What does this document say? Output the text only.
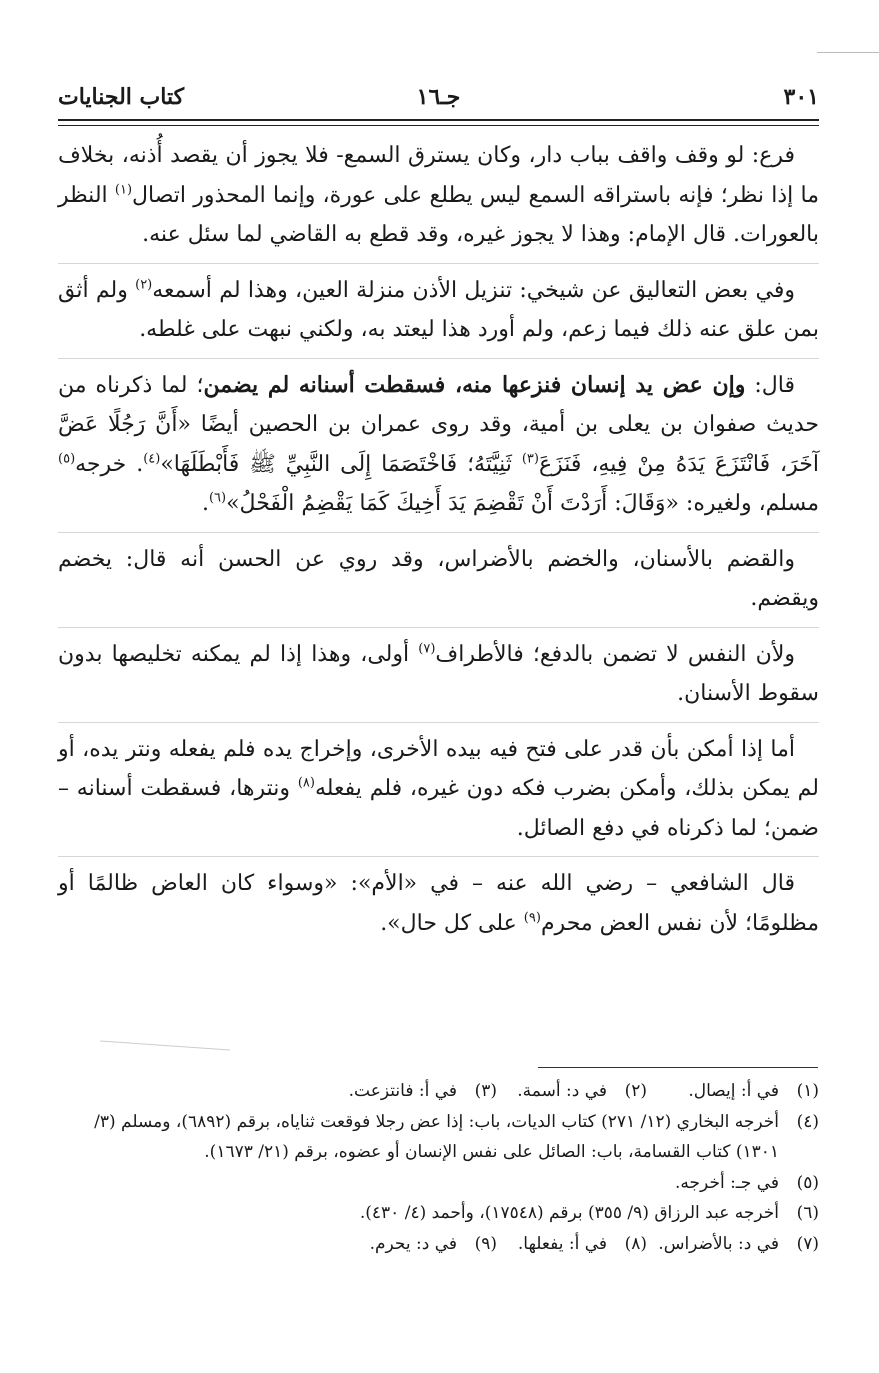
٣٠١
جـ١٦
كتاب الجنايات

فرع: لو وقف واقف بباب دار، وكان يسترق السمع- فلا يجوز أن يقصد أُذنه، بخلاف ما إذا نظر؛ فإنه باستراقه السمع ليس يطلع على عورة، وإنما المحذور اتصال$^{(١)}$ النظر بالعورات. قال الإمام: وهذا لا يجوز غيره، وقد قطع به القاضي لما سئل عنه.

وفي بعض التعاليق عن شيخي: تنزيل الأذن منزلة العين، وهذا لم أسمعه$^{(٢)}$ ولم أثق بمن علق عنه ذلك فيما زعم، ولم أورد هذا ليعتد به، ولكني نبهت على غلطه.

قال: وإن عض يد إنسان فنزعها منه، فسقطت أسنانه لم يضمن؛ لما ذكرناه من حديث صفوان بن يعلى بن أمية، وقد روى عمران بن الحصين أيضًا «أَنَّ رَجُلًا عَضَّ آخَرَ، فَانْتَزَعَ يَدَهُ مِنْ فِيهِ، فَنَزَعَ$^{(٣)}$ ثَنِيَّتَهُ؛ فَاخْتَصَمَا إِلَى النَّبِيِّ ﷺ فَأَبْطَلَهَا»$^{(٤)}$. خرجه$^{(٥)}$ مسلم، ولغيره: «وَقَالَ: أَرَدْتَ أَنْ تَقْضِمَ يَدَ أَخِيكَ كَمَا يَقْضِمُ الْفَحْلُ»$^{(٦)}$.

والقضم بالأسنان، والخضم بالأضراس، وقد روي عن الحسن أنه قال: يخضم ويقضم.

ولأن النفس لا تضمن بالدفع؛ فالأطراف$^{(٧)}$ أولى، وهذا إذا لم يمكنه تخليصها بدون سقوط الأسنان.

أما إذا أمكن بأن قدر على فتح فيه بيده الأخرى، وإخراج يده فلم يفعله ونتر يده، أو لم يمكن بذلك، وأمكن بضرب فكه دون غيره، فلم يفعله$^{(٨)}$ ونترها، فسقطت أسنانه – ضمن؛ لما ذكرناه في دفع الصائل.

قال الشافعي – رضي الله عنه – في «الأم»: «وسواء كان العاض ظالمًا أو مظلومًا؛ لأن نفس العض محرم$^{(٩)}$ على كل حال».

(١)في أ: إيصال.
(٢)في د: أسمة.
(٣)في أ: فانتزعت.
(٤)أخرجه البخاري (١٢/ ٢٧١) كتاب الديات، باب: إذا عض رجلا فوقعت ثناياه، برقم (٦٨٩٢)، ومسلم (٣/ ١٣٠١) كتاب القسامة، باب: الصائل على نفس الإنسان أو عضوه، برقم (٢١/ ١٦٧٣).
(٥)في جـ: أخرجه.
(٦)أخرجه عبد الرزاق (٩/ ٣٥٥) برقم (١٧٥٤٨)، وأحمد (٤/ ٤٣٠).
(٧)في د: بالأضراس.
(٨)في أ: يفعلها.
(٩)في د: يحرم.
